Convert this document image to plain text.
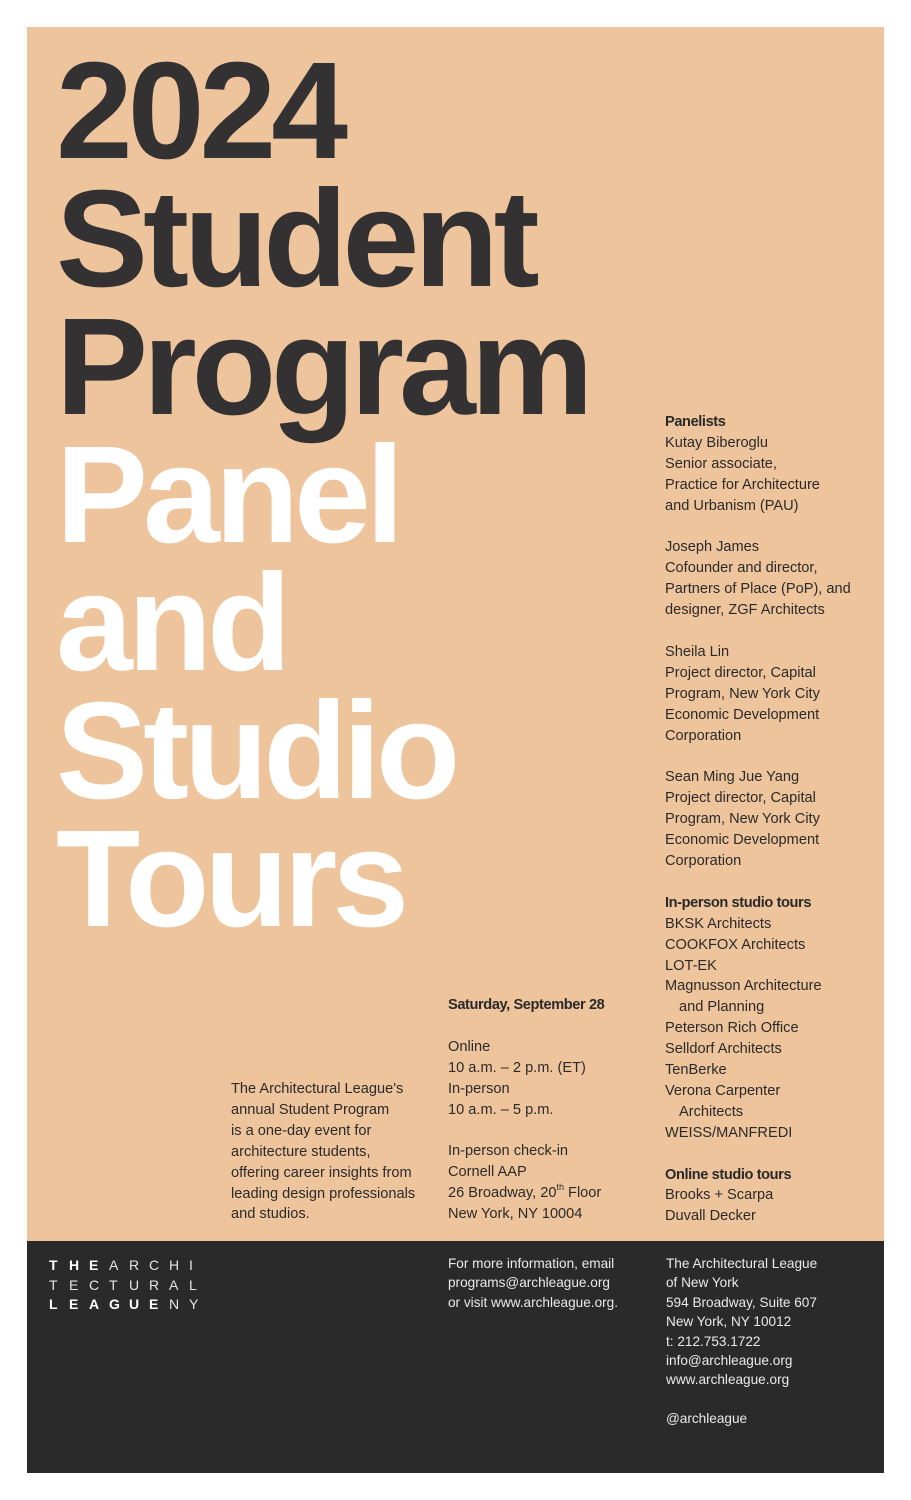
2024
Student
Program
Panel
and
Studio
Tours
The Architectural League's
annual Student Program
is a one-day event for
architecture students,
offering career insights from
leading design professionals
and studios.
Saturday, September 28
Online
10 a.m. – 2 p.m. (ET)
In-person
10 a.m. – 5 p.m.
In-person check-in
Cornell AAP
26 Broadway, 20th Floor
New York, NY 10004
Panelists
Kutay Biberoglu
Senior associate,
Practice for Architecture
and Urbanism (PAU)
Joseph James
Cofounder and director,
Partners of Place (PoP), and
designer, ZGF Architects
Sheila Lin
Project director, Capital
Program, New York City
Economic Development
Corporation
Sean Ming Jue Yang
Project director, Capital
Program, New York City
Economic Development
Corporation
In-person studio tours
BKSK Architects
COOKFOX Architects
LOT-EK
Magnusson Architecture
and Planning
Peterson Rich Office
Selldorf Architects
TenBerke
Verona Carpenter
Architects
WEISS/MANFREDI
Online studio tours
Brooks + Scarpa
Duvall Decker
T H E A R C H I
T E C T U R A L
L E A G U E N Y
For more information, email
programs@archleague.org
or visit www.archleague.org.
The Architectural League
of New York
594 Broadway, Suite 607
New York, NY 10012
t: 212.753.1722
info@archleague.org
www.archleague.org
@archleague
